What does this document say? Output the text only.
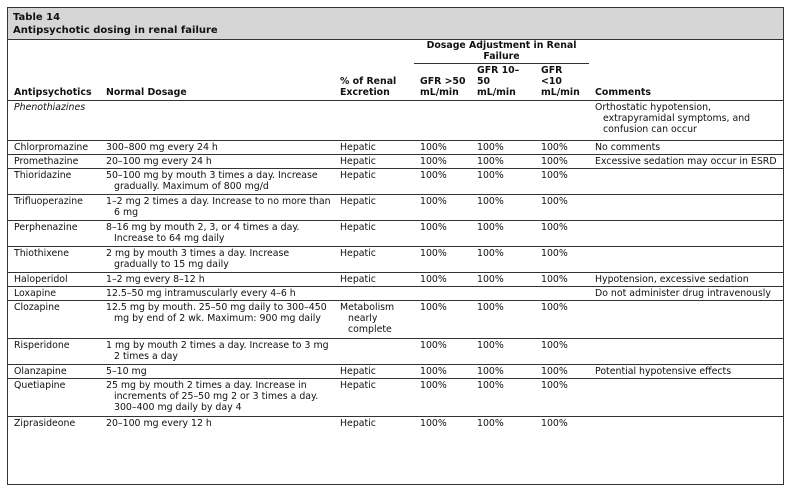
Table 14
Antipsychotic dosing in renal failure
			Dosage Adjustment in Renal Failure			
Antipsychotics	Normal Dosage	% of Renal Excretion	GFR >50 mL/min	GFR 10–50 mL/min	GFR <10 mL/min	Comments
Phenothiazines						Orthostatic hypotension, extrapyramidal symptoms, and confusion can occur
Chlorpromazine	300–800 mg every 24 h	Hepatic	100%	100%	100%	No comments
Promethazine	20–100 mg every 24 h	Hepatic	100%	100%	100%	Excessive sedation may occur in ESRD
Thioridazine	50–100 mg by mouth 3 times a day. Increase gradually. Maximum of 800 mg/d	Hepatic	100%	100%	100%	
Trifluoperazine	1–2 mg 2 times a day. Increase to no more than 6 mg	Hepatic	100%	100%	100%	
Perphenazine	8–16 mg by mouth 2, 3, or 4 times a day. Increase to 64 mg daily	Hepatic	100%	100%	100%	
Thiothixene	2 mg by mouth 3 times a day. Increase gradually to 15 mg daily	Hepatic	100%	100%	100%	
Haloperidol	1–2 mg every 8–12 h	Hepatic	100%	100%	100%	Hypotension, excessive sedation
Loxapine	12.5–50 mg intramuscularly every 4–6 h					Do not administer drug intravenously
Clozapine	12.5 mg by mouth. 25–50 mg daily to 300–450 mg by end of 2 wk. Maximum: 900 mg daily	Metabolism nearly complete	100%	100%	100%	
Risperidone	1 mg by mouth 2 times a day. Increase to 3 mg 2 times a day		100%	100%	100%	
Olanzapine	5–10 mg	Hepatic	100%	100%	100%	Potential hypotensive effects
Quetiapine	25 mg by mouth 2 times a day. Increase in increments of 25–50 mg 2 or 3 times a day. 300–400 mg daily by day 4	Hepatic	100%	100%	100%	
Ziprasideone	20–100 mg every 12 h	Hepatic	100%	100%	100%	
